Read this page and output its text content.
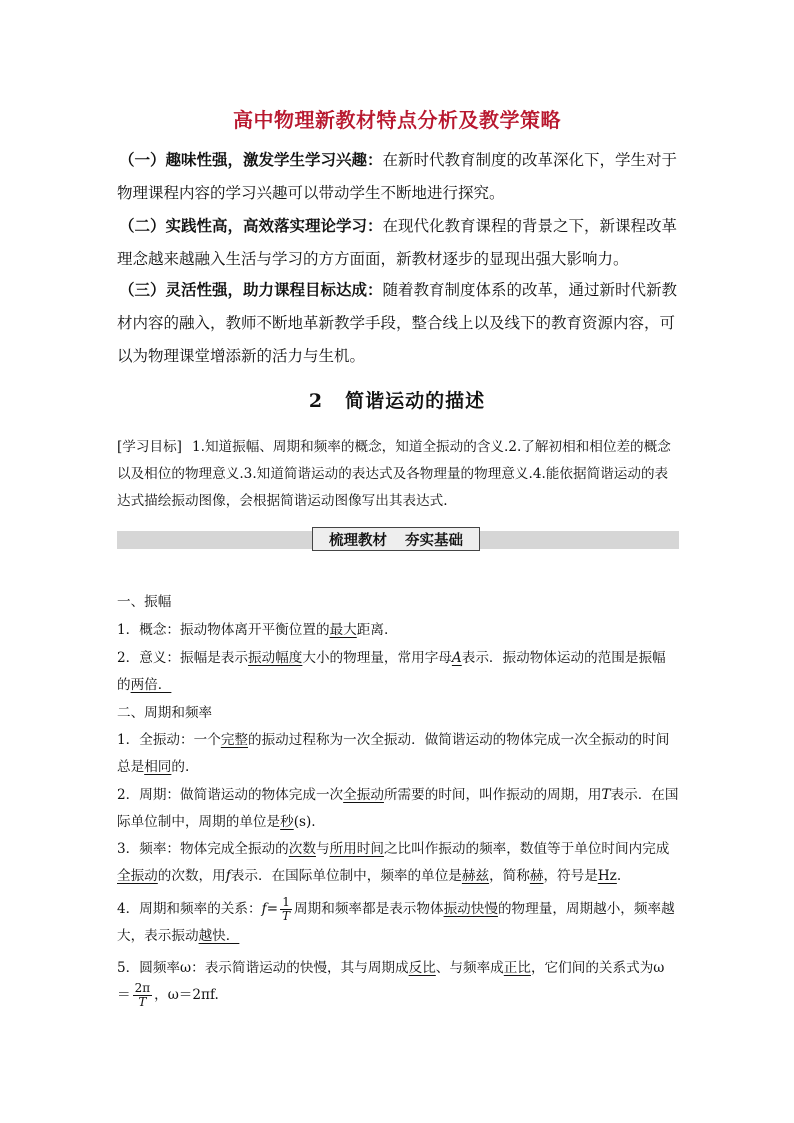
高中物理新教材特点分析及教学策略
（一）趣味性强，激发学生学习兴趣：在新时代教育制度的改革深化下，学生对于物理课程内容的学习兴趣可以带动学生不断地进行探究。
（二）实践性高，高效落实理论学习：在现代化教育课程的背景之下，新课程改革理念越来越融入生活与学习的方方面面，新教材逐步的显现出强大影响力。
（三）灵活性强，助力课程目标达成：随着教育制度体系的改革，通过新时代新教材内容的融入，教师不断地革新教学手段，整合线上以及线下的教育资源内容，可以为物理课堂增添新的活力与生机。
2 简谐运动的描述
[学习目标] 1.知道振幅、周期和频率的概念，知道全振动的含义.2.了解初相和相位差的概念以及相位的物理意义.3.知道简谐运动的表达式及各物理量的物理意义.4.能依据简谐运动的表达式描绘振动图像，会根据简谐运动图像写出其表达式.
梳理教材 夯实基础
一、振幅
1．概念：振动物体离开平衡位置的最大距离.
2．意义：振幅是表示振动幅度大小的物理量，常用字母A表示．振动物体运动的范围是振幅的两倍．
二、周期和频率
1．全振动：一个完整的振动过程称为一次全振动．做简谐运动的物体完成一次全振动的时间总是相同的.
2．周期：做简谐运动的物体完成一次全振动所需要的时间，叫作振动的周期，用T表示．在国际单位制中，周期的单位是秒(s).
3．频率：物体完成全振动的次数与所用时间之比叫作振动的频率，数值等于单位时间内完成全振动的次数，用f表示．在国际单位制中，频率的单位是赫兹，简称赫，符号是Hz.
4．周期和频率的关系：$f= \frac{1}{T}$ 周期和频率都是表示物体振动快慢的物理量，周期越小，频率越大，表示振动越快．
5．圆频率ω：表示简谐运动的快慢，其与周期成反比、与频率成正比，它们间的关系式为ω
＝ $\frac{2\pi}{T}$ ，ω＝2πf.
